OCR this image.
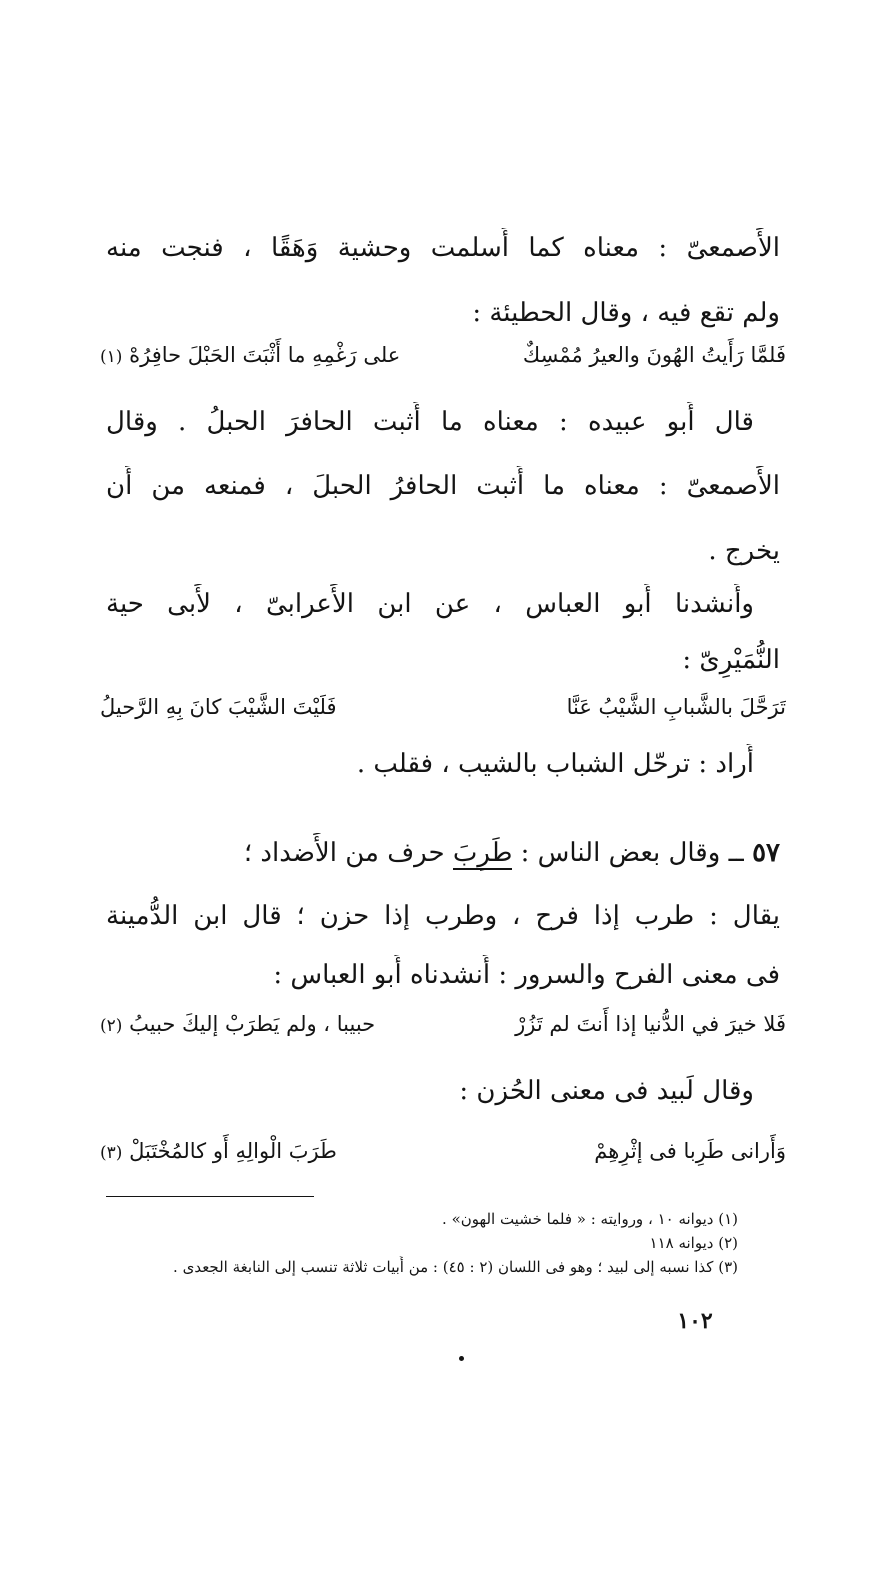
الأَصمعىّ : معناه كما أَسلمت وحشية وَهَقًا ، فنجت منه
ولم تقع فيه ، وقال الحطيئة :
فَلمَّا رَأَيتُ الهُونَ والعيرُ مُمْسِكٌ
على رَغْمِهِ ما أَثْبَتَ الحَبْلَ حافِرُهْ (١)
قال أَبو عبيده : معناه ما أَثبت الحافرَ الحبلُ . وقال
الأَصمعىّ : معناه ما أَثبت الحافرُ الحبلَ ، فمنعه من أَن
يخرج .
وأَنشدنا أَبو العباس ، عن ابن الأَعرابىّ ، لأَبى حية
النُّمَيْرِىّ :
تَرَحَّلَ بالشَّبابِ الشَّيْبُ عَنَّا
فَلَيْتَ الشَّيْبَ كانَ بِهِ الرَّحيلُ
أَراد : ترحّل الشباب بالشيب ، فقلب .
٥٧ ــ وقال بعض الناس : طَرِبَ حرف من الأَضداد ؛
يقال : طرب إذا فرح ، وطرب إذا حزن ؛ قال ابن الدُّمينة
فى معنى الفرح والسرور : أَنشدناه أَبو العباس :
فَلا خيرَ في الدُّنيا إذا أَنتَ لم تَزُرْ
حبيبا ، ولم يَطرَبْ إليكَ حبيبُ (٢)
وقال لَبيد فى معنى الحُزن :
وَأَرانى طَرِبا فى إثْرِهِمْ
طَرَبَ الْوالِهِ أَو كالمُخْتَبَلْ (٣)
(١) ديوانه ١٠ ، وروايته : « فلما خشيت الهون» .
(٢) ديوانه ١١٨
(٣) كذا نسبه إلى لبيد ؛ وهو فى اللسان (٢ : ٤٥) : من أَبيات ثلاثة تنسب إلى النابغة الجعدى .
١٠٢
